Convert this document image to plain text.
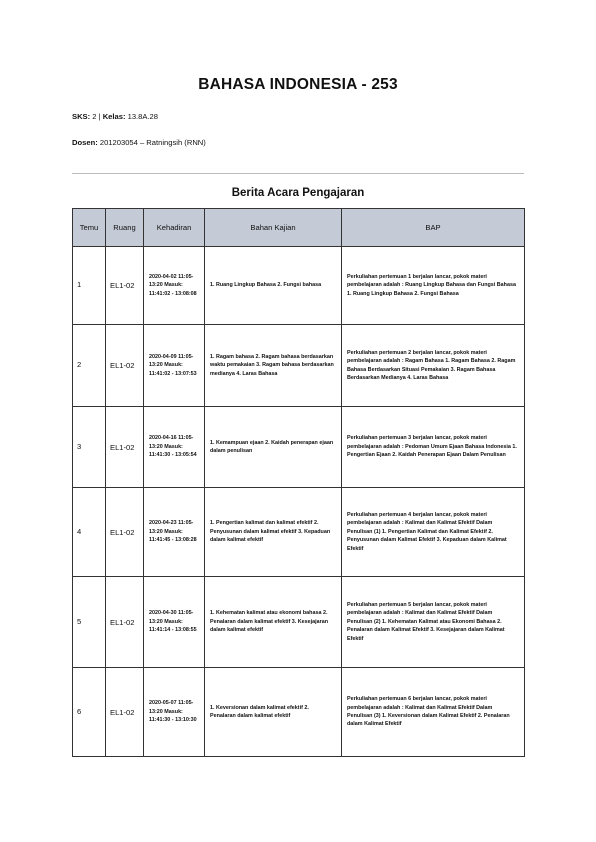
BAHASA INDONESIA - 253
SKS: 2 | Kelas: 13.8A.28
Dosen: 201203054 – Ratningsih (RNN)
Berita Acara Pengajaran
Temu	Ruang	Kehadiran	Bahan Kajian	BAP
1	EL1-02	2020-04-02 11:05-13:20 Masuk: 11:41:02 - 13:08:08	1. Ruang Lingkup Bahasa 2. Fungsi bahasa	Perkuliahan pertemuan 1 berjalan lancar, pokok materi pembelajaran adalah : Ruang Lingkup Bahasa dan Fungsi Bahasa 1. Ruang Lingkup Bahasa 2. Fungsi Bahasa
2	EL1-02	2020-04-09 11:05-13:20 Masuk: 11:41:02 - 13:07:53	1. Ragam bahasa 2. Ragam bahasa berdasarkan waktu pemakaian 3. Ragam bahasa berdasarkan medianya 4. Laras Bahasa	Perkuliahan pertemuan 2 berjalan lancar, pokok materi pembelajaran adalah : Ragam Bahasa 1. Ragam Bahasa 2. Ragam Bahasa Berdasarkan Situasi Pemakaian 3. Ragam Bahasa Berdasarkan Medianya 4. Laras Bahasa
3	EL1-02	2020-04-16 11:05-13:20 Masuk: 11:41:30 - 13:05:54	1. Kemampuan ejaan 2. Kaidah penerapan ejaan dalam penulisan	Perkuliahan pertemuan 3 berjalan lancar, pokok materi pembelajaran adalah : Pedoman Umum Ejaan Bahasa Indonesia 1. Pengertian Ejaan 2. Kaidah Penerapan Ejaan Dalam Penulisan
4	EL1-02	2020-04-23 11:05-13:20 Masuk: 11:41:45 - 13:08:28	1. Pengertian kalimat dan kalimat efektif 2. Penyusunan dalam kalimat efektif 3. Kepaduan dalam kalimat efektif	Perkuliahan pertemuan 4 berjalan lancar, pokok materi pembelajaran adalah : Kalimat dan Kalimat Efektif Dalam Penulisan (1) 1. Pengertian Kalimat dan Kalimat Efektif 2. Penyusunan dalam Kalimat Efektif 3. Kepaduan dalam Kalimat Efektif
5	EL1-02	2020-04-30 11:05-13:20 Masuk: 11:41:14 - 13:08:55	1. Kehematan kalimat atau ekonomi bahasa 2. Penalaran dalam kalimat efektif 3. Kesejajaran dalam kalimat efektif	Perkuliahan pertemuan 5 berjalan lancar, pokok materi pembelajaran adalah : Kalimat dan Kalimat Efektif Dalam Penulisan (2) 1. Kehematan Kalimat atau Ekonomi Bahasa 2. Penalaran dalam Kalimat Efektif 3. Kesejajaran dalam Kalimat Efektif
6	EL1-02	2020-05-07 11:05-13:20 Masuk: 11:41:30 - 13:10:30	1. Keversionan dalam kalimat efektif 2. Penalaran dalam kalimat efektif	Perkuliahan pertemuan 6 berjalan lancar, pokok materi pembelajaran adalah : Kalimat dan Kalimat Efektif Dalam Penulisan (3) 1. Keversionan dalam Kalimat Efektif 2. Penalaran dalam Kalimat Efektif
